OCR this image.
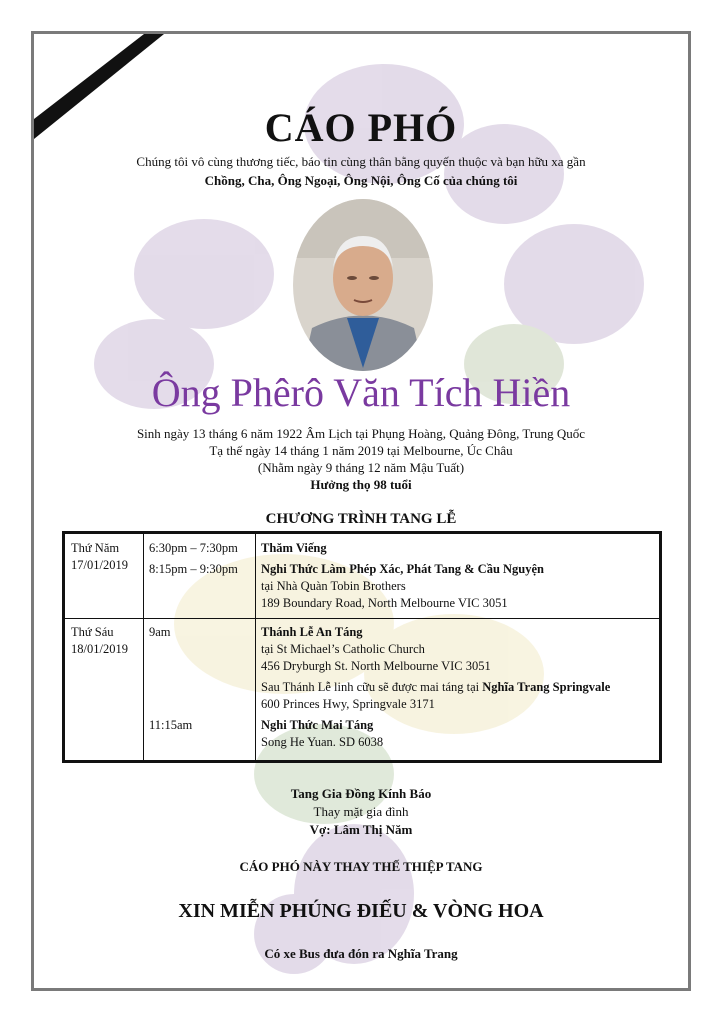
CÁO PHÓ
Chúng tôi vô cùng thương tiếc, báo tin cùng thân bằng quyến thuộc và bạn hữu xa gần
Chồng, Cha, Ông Ngoại, Ông Nội, Ông Cố của chúng tôi
Ông Phêrô Văn Tích Hiền
Sinh ngày 13 tháng 6 năm 1922 Âm Lịch tại Phụng Hoàng, Quảng Đông, Trung Quốc
Tạ thế ngày 14 tháng 1 năm 2019 tại Melbourne, Úc Châu
(Nhằm ngày 9 tháng 12 năm Mậu Tuất)
Hưởng thọ 98 tuổi
CHƯƠNG TRÌNH TANG LỄ
Thứ Năm
17/01/2019
6:30pm – 7:30pm
8:15pm – 9:30pm
Thăm Viếng
Nghi Thức Làm Phép Xác, Phát Tang & Cầu Nguyện
tại Nhà Quàn Tobin Brothers
189 Boundary Road, North Melbourne VIC 3051
Thứ Sáu
18/01/2019
9am
11:15am
Thánh Lễ An Táng
tại St Michael’s Catholic Church
456 Dryburgh St. North Melbourne VIC 3051
Sau Thánh Lễ linh cữu sẽ được mai táng tại Nghĩa Trang Springvale
600 Princes Hwy, Springvale 3171
Nghi Thức Mai Táng
Song He Yuan. SD 6038
Tang Gia Đồng Kính Báo
Thay mặt gia đình
Vợ: Lâm Thị Năm
CÁO PHÓ NÀY THAY THẾ THIỆP TANG
XIN MIỄN PHÚNG ĐIẾU & VÒNG HOA
Có xe Bus đưa đón ra Nghĩa Trang
